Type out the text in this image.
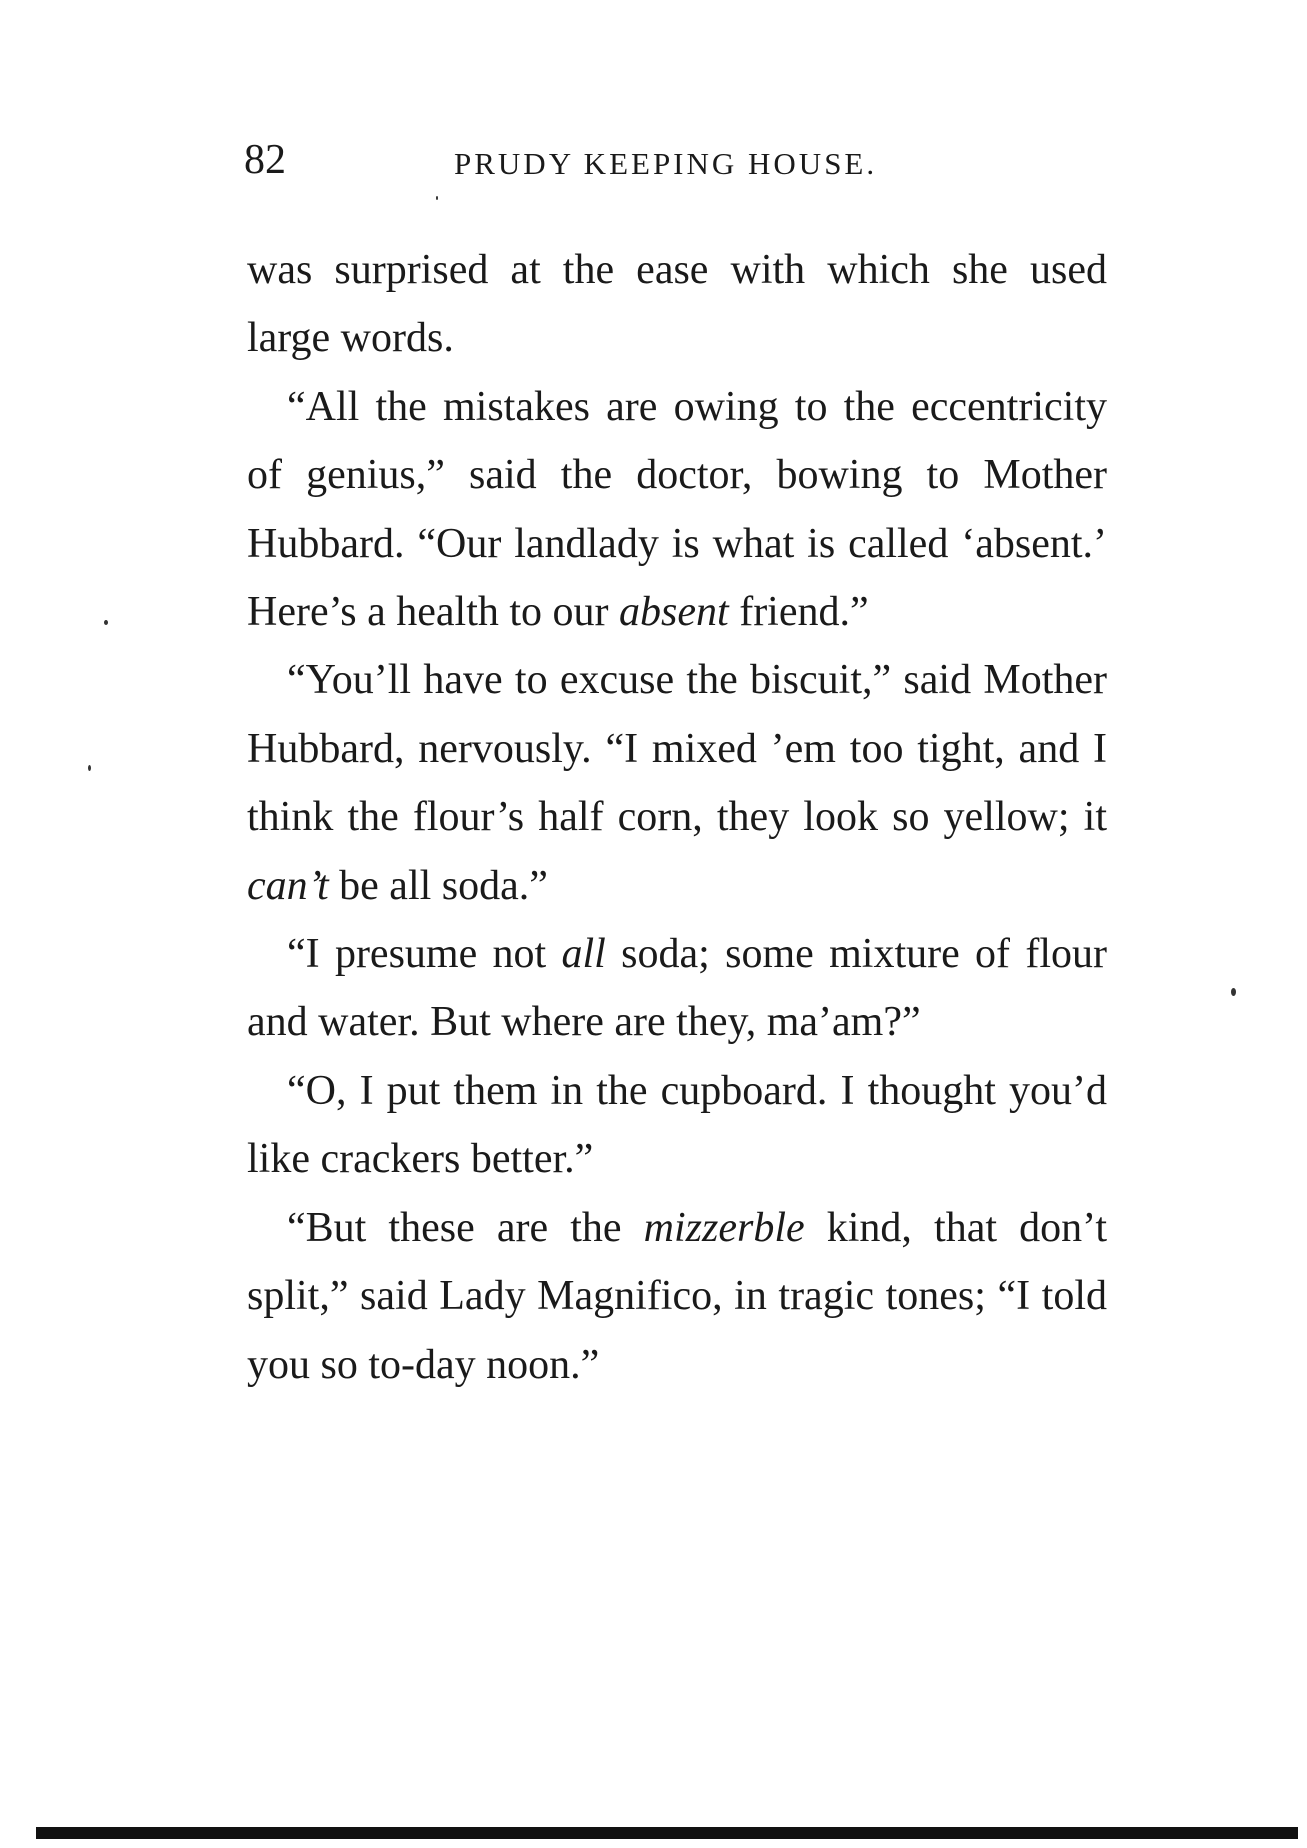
82	PRUDY KEEPING HOUSE.

was surprised at the ease with which she used large words.

“All the mistakes are owing to the eccentricity of genius,” said the doctor, bowing to Mother Hubbard. “Our landlady is what is called ‘absent.’ Here’s a health to our absent friend.”

“You’ll have to excuse the biscuit,” said Mother Hubbard, nervously. “I mixed ’em too tight, and I think the flour’s half corn, they look so yellow; it can’t be all soda.”

“I presume not all soda; some mixture of flour and water. But where are they, ma’am?”

“O, I put them in the cupboard. I thought you’d like crackers better.”

“But these are the mizzerble kind, that don’t split,” said Lady Magnifico, in tragic tones; “I told you so to-day noon.”
